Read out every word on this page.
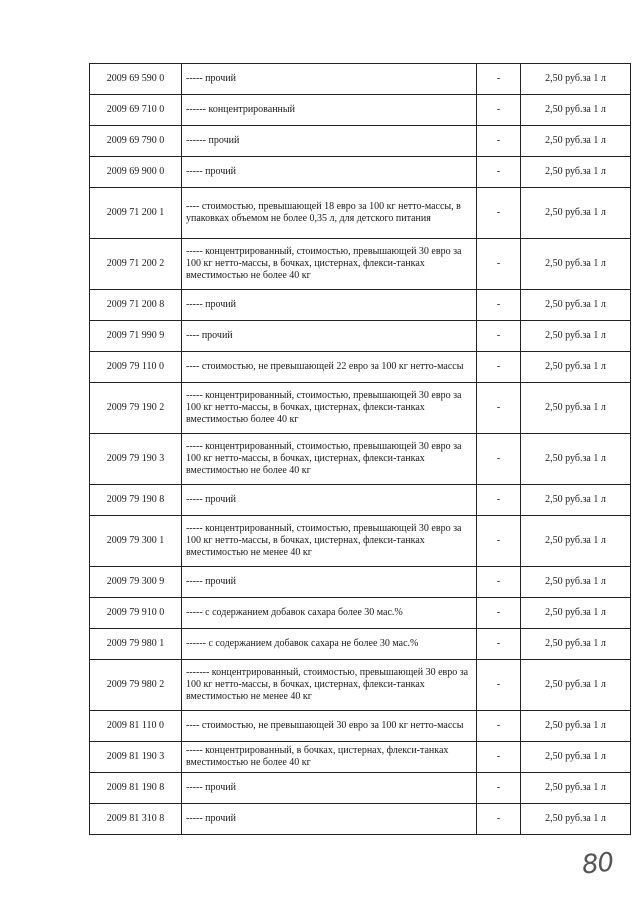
2009 69 590 0	----- прочий	-	2,50 руб.за 1 л
2009 69 710 0	------ концентрированный	-	2,50 руб.за 1 л
2009 69 790 0	------ прочий	-	2,50 руб.за 1 л
2009 69 900 0	----- прочий	-	2,50 руб.за 1 л
2009 71 200 1	---- стоимостью, превышающей 18 евро за 100 кг нетто-массы, в упаковках объемом не более 0,35 л, для детского питания	-	2,50 руб.за 1 л
2009 71 200 2	----- концентрированный, стоимостью, превышающей 30 евро за 100 кг нетто-массы, в бочках, цистернах, флекси-танках вместимостью не более 40 кг	-	2,50 руб.за 1 л
2009 71 200 8	----- прочий	-	2,50 руб.за 1 л
2009 71 990 9	---- прочий	-	2,50 руб.за 1 л
2009 79 110 0	---- стоимостью, не превышающей 22 евро за 100 кг нетто-массы	-	2,50 руб.за 1 л
2009 79 190 2	----- концентрированный, стоимостью, превышающей 30 евро за 100 кг нетто-массы, в бочках, цистернах, флекси-танках вместимостью более 40 кг	-	2,50 руб.за 1 л
2009 79 190 3	----- концентрированный, стоимостью, превышающей 30 евро за 100 кг нетто-массы, в бочках, цистернах, флекси-танках вместимостью не более 40 кг	-	2,50 руб.за 1 л
2009 79 190 8	----- прочий	-	2,50 руб.за 1 л
2009 79 300 1	----- концентрированный, стоимостью, превышающей 30 евро за 100 кг нетто-массы, в бочках, цистернах, флекси-танках вместимостью не менее 40 кг	-	2,50 руб.за 1 л
2009 79 300 9	----- прочий	-	2,50 руб.за 1 л
2009 79 910 0	----- с содержанием добавок сахара более 30 мас.%	-	2,50 руб.за 1 л
2009 79 980 1	------ с содержанием добавок сахара не более 30 мас.%	-	2,50 руб.за 1 л
2009 79 980 2	------- концентрированный, стоимостью, превышающей 30 евро за 100 кг нетто-массы, в бочках, цистернах, флекси-танках вместимостью не менее 40 кг	-	2,50 руб.за 1 л
2009 81 110 0	---- стоимостью, не превышающей 30 евро за 100 кг нетто-массы	-	2,50 руб.за 1 л
2009 81 190 3	----- концентрированный, в бочках, цистернах, флекси-танках вместимостью не более 40 кг	-	2,50 руб.за 1 л
2009 81 190 8	----- прочий	-	2,50 руб.за 1 л
2009 81 310 8	----- прочий	-	2,50 руб.за 1 л
80
